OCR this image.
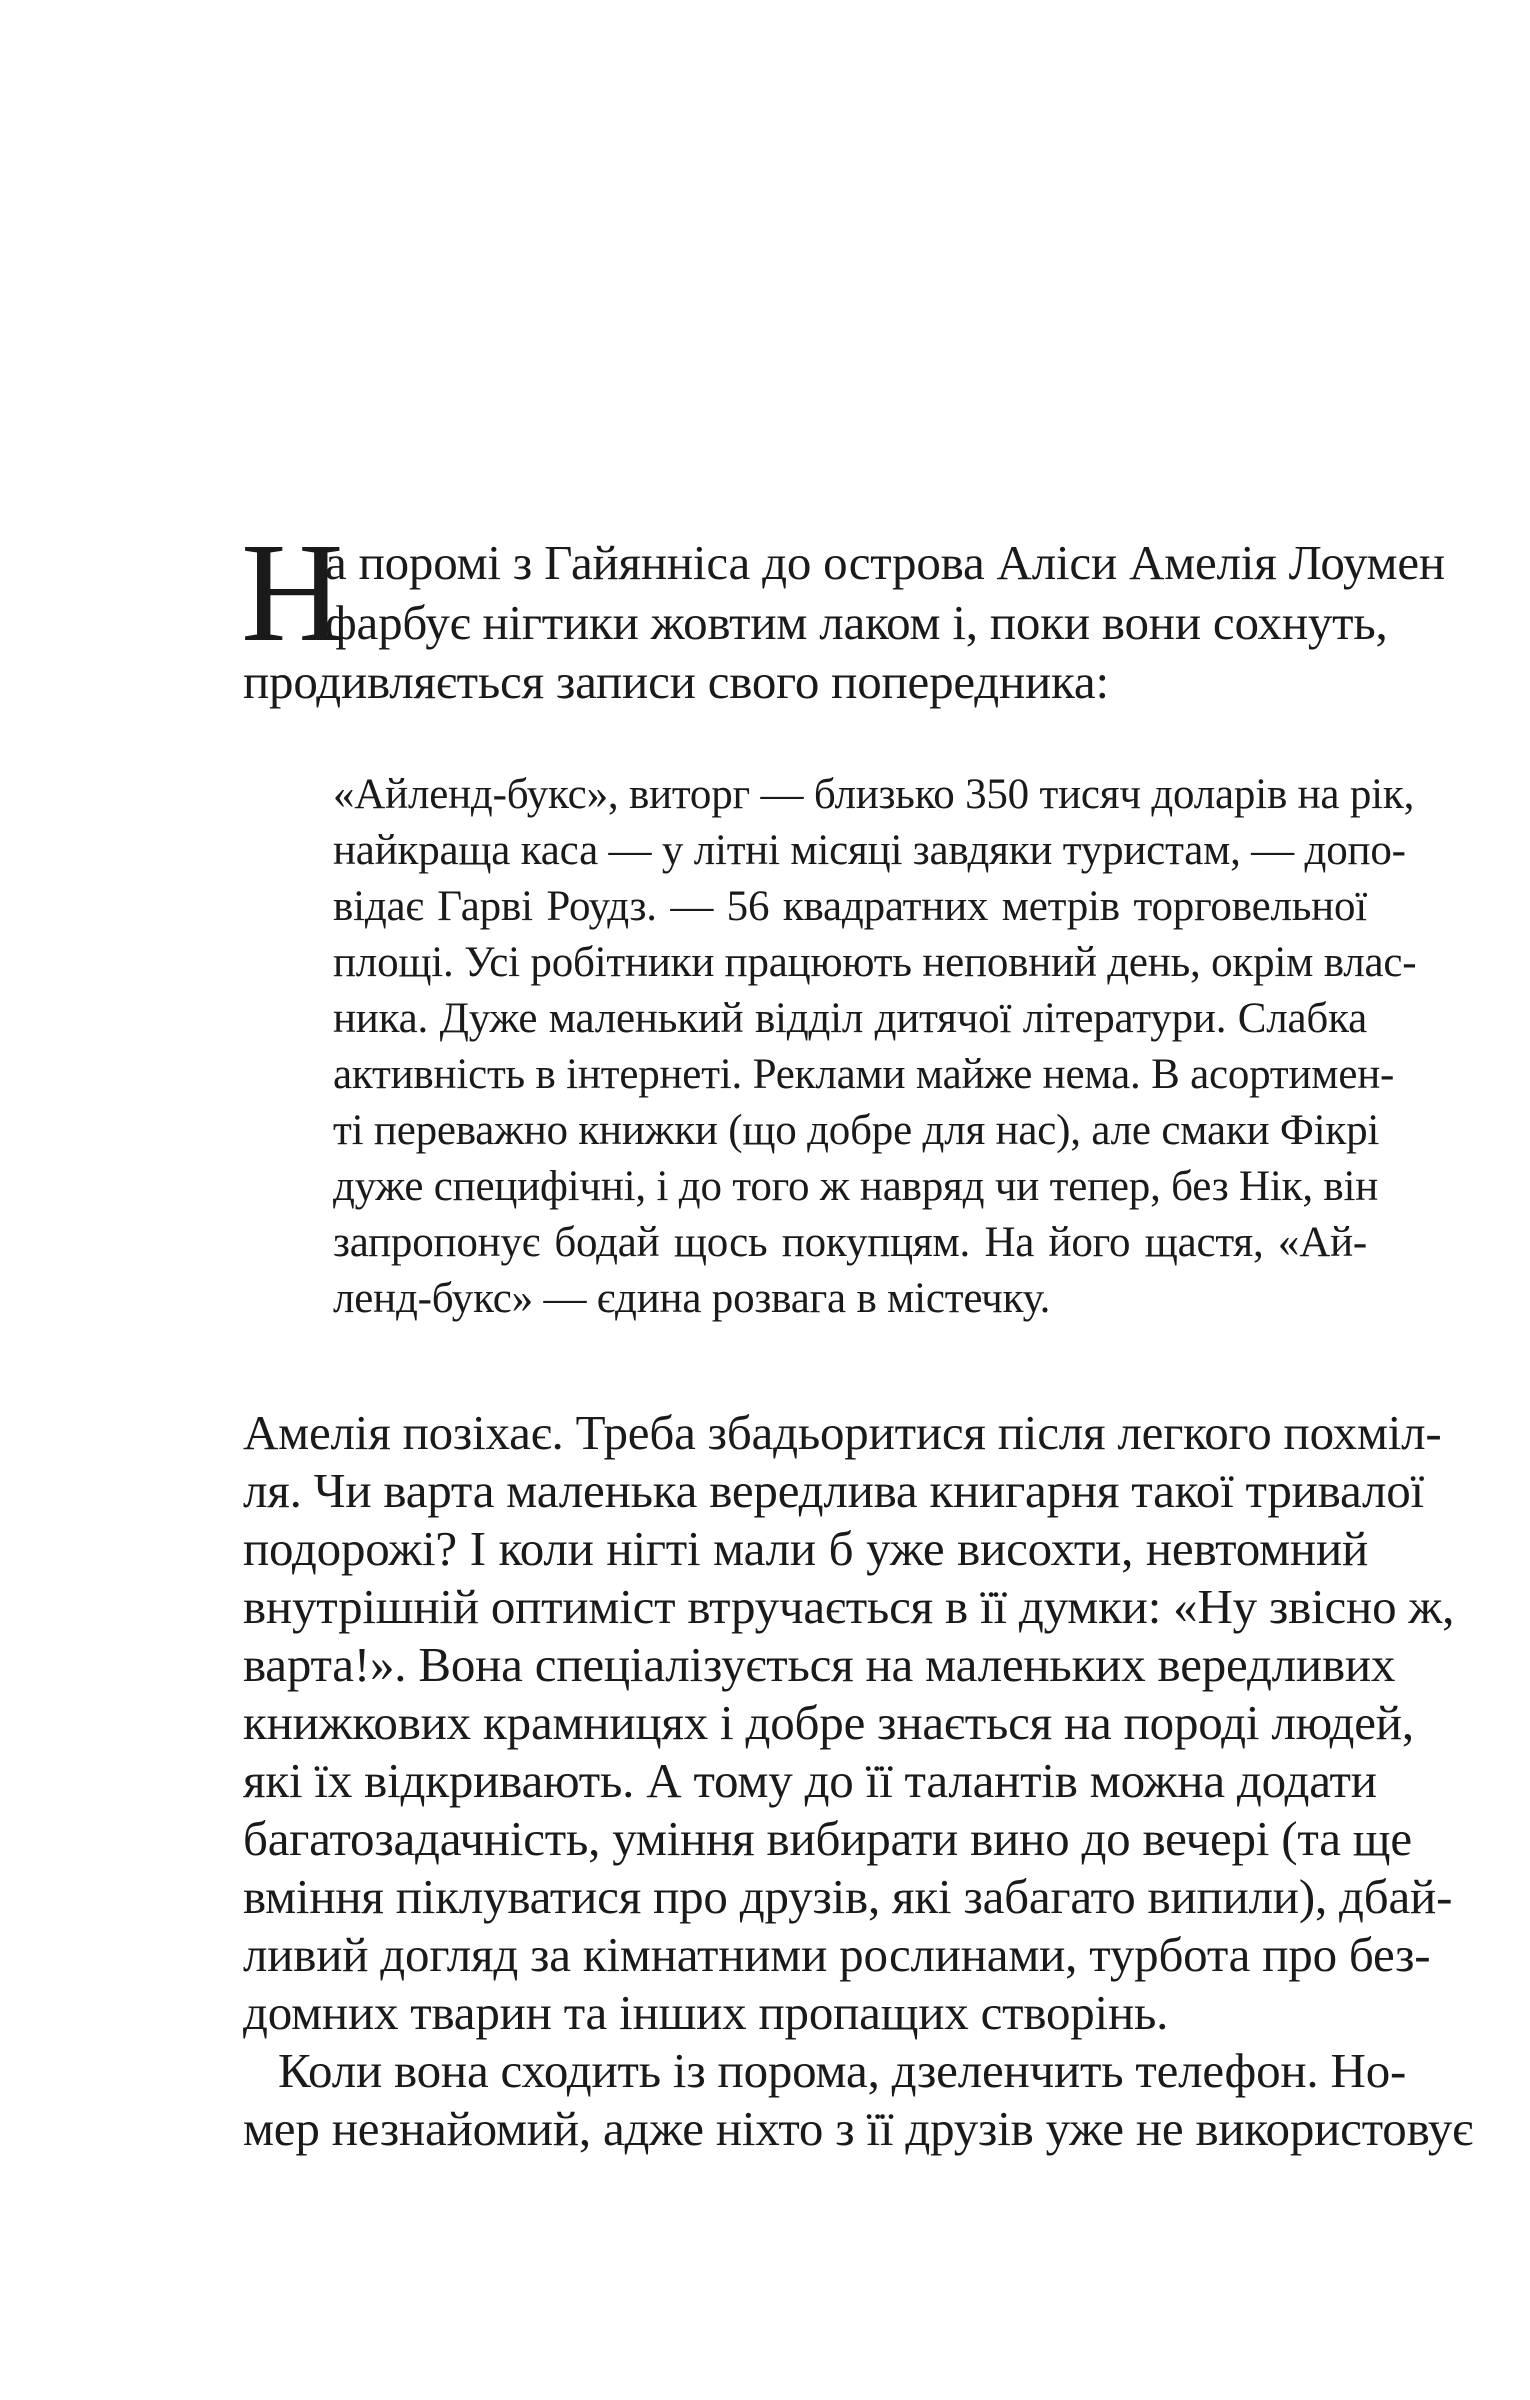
Н
а поромі з Гайяннiса до острова Алiси Амелiя Лоумен
фарбує нігтики жовтим лаком і, поки вони сохнуть,
продивляється записи свого попередника:
«Айленд-букс», виторг — близько 350 тисяч доларів на рік,
найкраща каса — у літні місяці завдяки туристам, — допо-
відає Гарві Роудз. — 56 квадратних метрів торговельної
площі. Усі робітники працюють неповний день, окрім влас-
ника. Дуже маленький відділ дитячої літератури. Слабка
активність в інтернеті. Реклами майже нема. В асортимен-
ті переважно книжки (що добре для нас), але смаки Фікрі
дуже специфічні, і до того ж навряд чи тепер, без Нік, він
запропонує бодай щось покупцям. На його щастя, «Ай-
ленд-букс» — єдина розвага в містечку.
Амелія позіхає. Треба збадьоритися після легкого похміл-
ля. Чи варта маленька вередлива книгарня такої тривалої
подорожі? І коли нігті мали б уже висохти, невтомний
внутрішній оптиміст втручається в її думки: «Ну звісно ж,
варта!». Вона спеціалізується на маленьких вередливих
книжкових крамницях і добре знається на породі людей,
які їх відкривають. А тому до її талантів можна додати
багатозадачність, уміння вибирати вино до вечері (та ще
вміння піклуватися про друзів, які забагато випили), дбай-
ливий догляд за кімнатними рослинами, турбота про без-
домних тварин та інших пропащих створінь.
Коли вона сходить із порома, дзеленчить телефон. Но-
мер незнайомий, адже ніхто з її друзів уже не використовує
